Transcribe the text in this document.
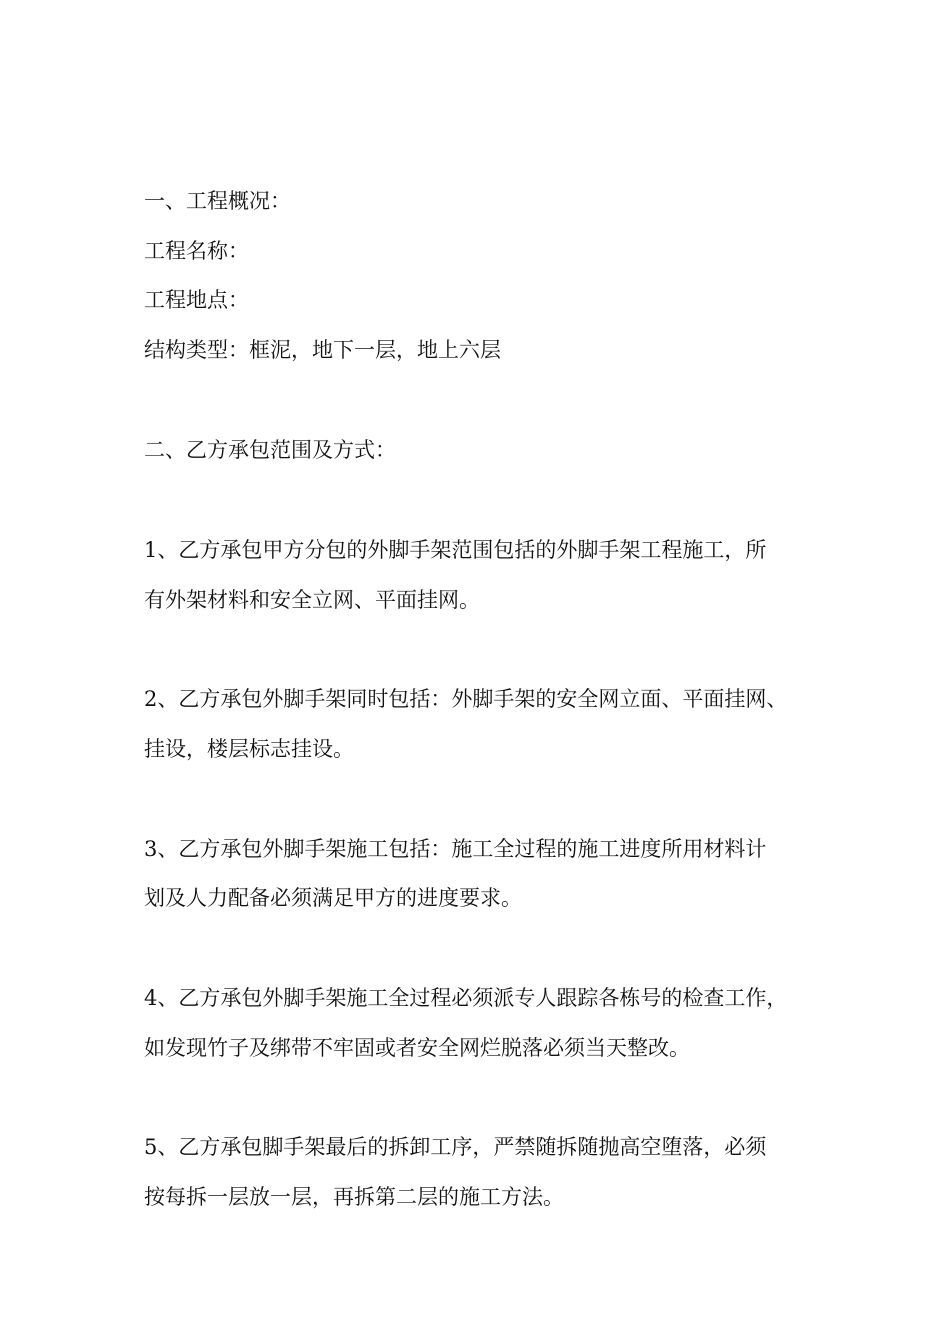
一、工程概况：
工程名称：
工程地点：
结构类型：框泥，地下一层，地上六层
二、乙方承包范围及方式：
1、乙方承包甲方分包的外脚手架范围包括的外脚手架工程施工，所
有外架材料和安全立网、平面挂网。
2、乙方承包外脚手架同时包括：外脚手架的安全网立面、平面挂网、
挂设，楼层标志挂设。
3、乙方承包外脚手架施工包括：施工全过程的施工进度所用材料计
划及人力配备必须满足甲方的进度要求。
4、乙方承包外脚手架施工全过程必须派专人跟踪各栋号的检查工作，
如发现竹子及绑带不牢固或者安全网烂脱落必须当天整改。
5、乙方承包脚手架最后的拆卸工序，严禁随拆随抛高空堕落，必须
按每拆一层放一层，再拆第二层的施工方法。
